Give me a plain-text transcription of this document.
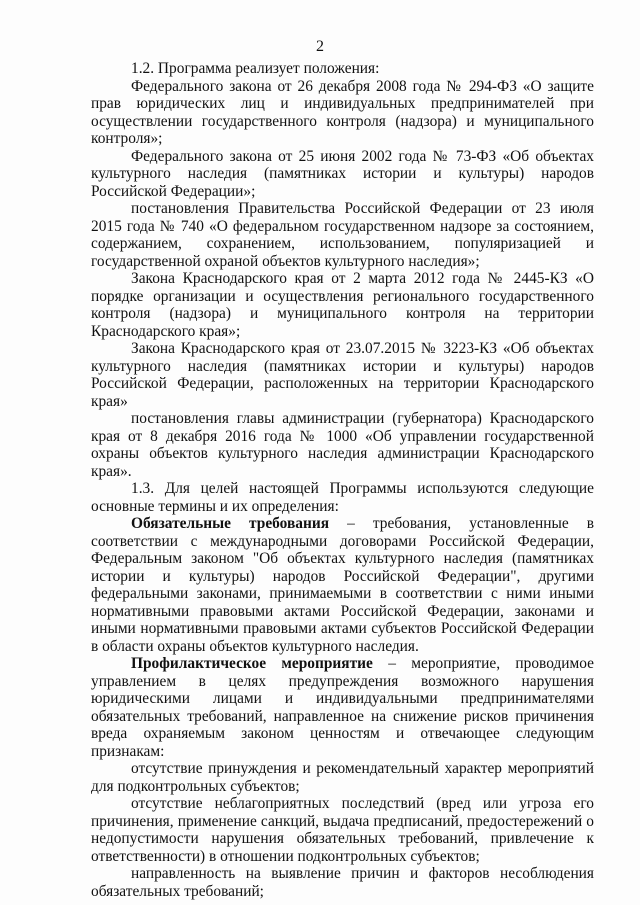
2

1.2. Программа реализует положения:

Федерального закона от 26 декабря 2008 года № 294-ФЗ «О защите прав юридических лиц и индивидуальных предпринимателей при осуществлении государственного контроля (надзора) и муниципального контроля»;

Федерального закона от 25 июня 2002 года № 73-ФЗ «Об объектах культурного наследия (памятниках истории и культуры) народов Российской Федерации»;

постановления Правительства Российской Федерации от 23 июля 2015 года № 740 «О федеральном государственном надзоре за состоянием, содержанием, сохранением, использованием, популяризацией и государственной охраной объектов культурного наследия»;

Закона Краснодарского края от 2 марта 2012 года № 2445-КЗ «О порядке организации и осуществления регионального государственного контроля (надзора) и муниципального контроля на территории Краснодарского края»;

Закона Краснодарского края от 23.07.2015 № 3223-КЗ «Об объектах культурного наследия (памятниках истории и культуры) народов Российской Федерации, расположенных на территории Краснодарского края»

постановления главы администрации (губернатора) Краснодарского края от 8 декабря 2016 года № 1000 «Об управлении государственной охраны объектов культурного наследия администрации Краснодарского края».

1.3. Для целей настоящей Программы используются следующие основные термины и их определения:

Обязательные требования – требования, установленные в соответствии с международными договорами Российской Федерации, Федеральным законом "Об объектах культурного наследия (памятниках истории и культуры) народов Российской Федерации", другими федеральными законами, принимаемыми в соответствии с ними иными нормативными правовыми актами Российской Федерации, законами и иными нормативными правовыми актами субъектов Российской Федерации в области охраны объектов культурного наследия.

Профилактическое мероприятие – мероприятие, проводимое управлением в целях предупреждения возможного нарушения юридическими лицами и индивидуальными предпринимателями обязательных требований, направленное на снижение рисков причинения вреда охраняемым законом ценностям и отвечающее следующим признакам:

отсутствие принуждения и рекомендательный характер мероприятий для подконтрольных субъектов;

отсутствие неблагоприятных последствий (вред или угроза его причинения, применение санкций, выдача предписаний, предостережений о недопустимости нарушения обязательных требований, привлечение к ответственности) в отношении подконтрольных субъектов;

направленность на выявление причин и факторов несоблюдения обязательных требований;
